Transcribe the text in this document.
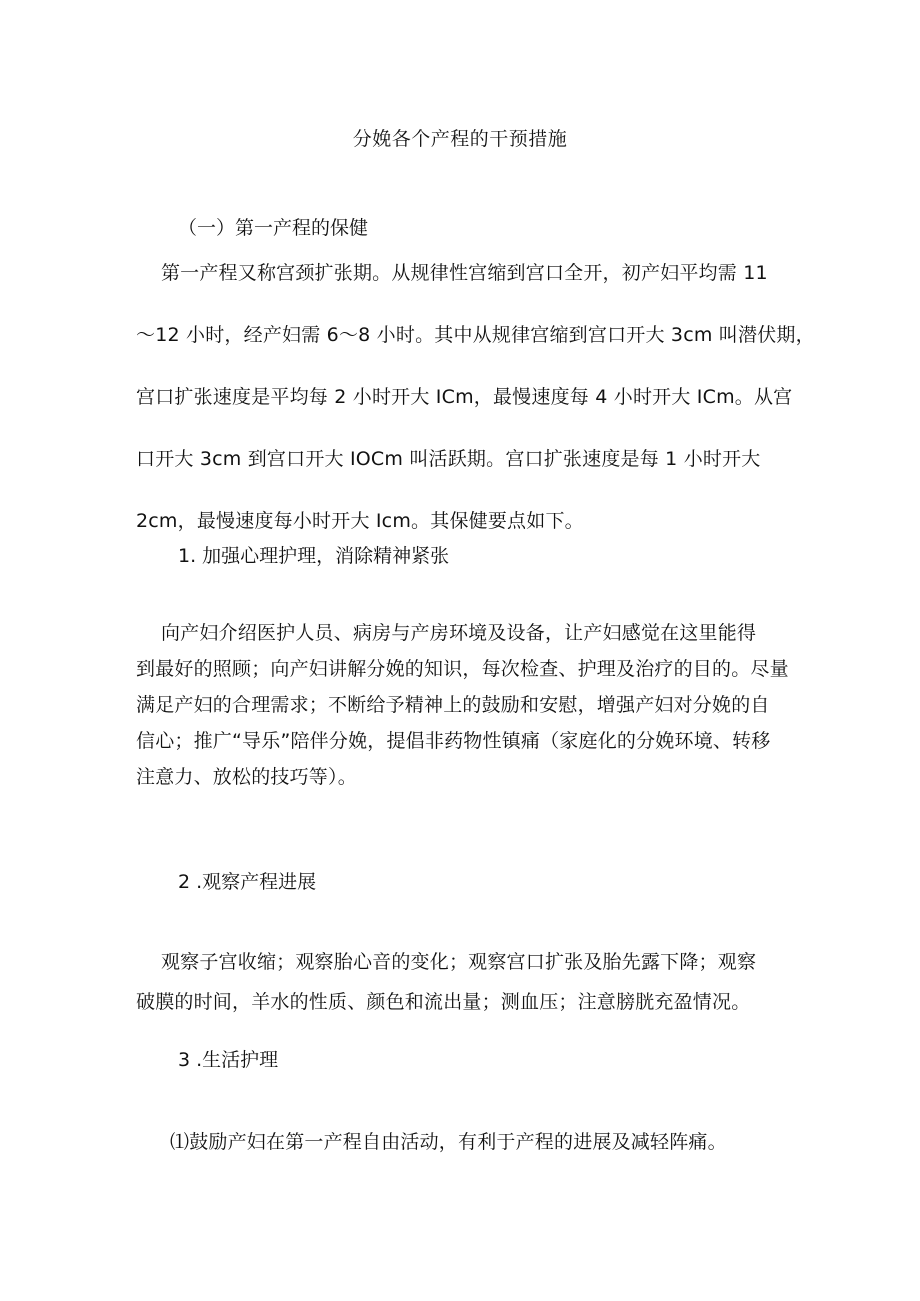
分娩各个产程的干预措施
（一）第一产程的保健

第一产程又称宫颈扩张期。从规律性宫缩到宫口全开，初产妇平均需 11
～12 小时，经产妇需 6～8 小时。其中从规律宫缩到宫口开大 3cm 叫潜伏期，
宫口扩张速度是平均每 2 小时开大 ICm，最慢速度每 4 小时开大 ICm。从宫
口开大 3cm 到宫口开大 IOCm 叫活跃期。宫口扩张速度是每 1 小时开大
2cm，最慢速度每小时开大 Icm。其保健要点如下。

1. 加强心理护理，消除精神紧张

向产妇介绍医护人员、病房与产房环境及设备，让产妇感觉在这里能得
到最好的照顾；向产妇讲解分娩的知识，每次检查、护理及治疗的目的。尽量
满足产妇的合理需求；不断给予精神上的鼓励和安慰，增强产妇对分娩的自
信心；推广“导乐”陪伴分娩，提倡非药物性镇痛（家庭化的分娩环境、转移
注意力、放松的技巧等）。

2 .观察产程进展

观察子宫收缩；观察胎心音的变化；观察宫口扩张及胎先露下降；观察
破膜的时间，羊水的性质、颜色和流出量；测血压；注意膀胱充盈情况。

3 .生活护理

⑴鼓励产妇在第一产程自由活动，有利于产程的进展及减轻阵痛。
